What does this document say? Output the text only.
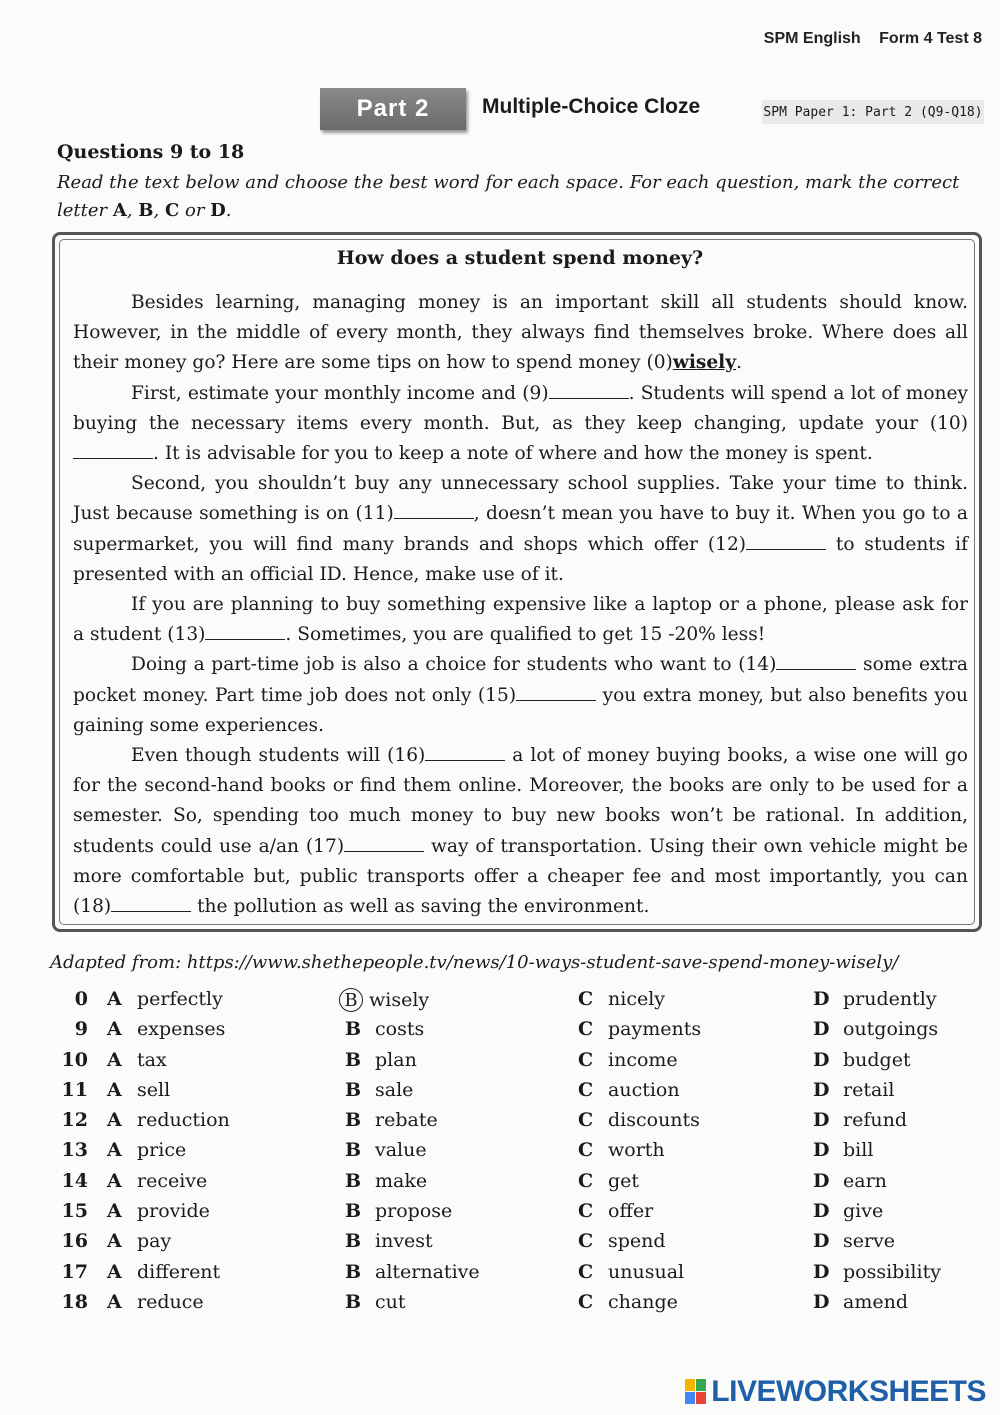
SPM English Form 4 Test 8
Part 2	Multiple-Choice Cloze	SPM Paper 1: Part 2 (Q9-Q18)
Questions 9 to 18
Read the text below and choose the best word for each space. For each question, mark the correct letter A, B, C or D.
How does a student spend money?

Besides learning, managing money is an important skill all students should know. However, in the middle of every month, they always find themselves broke. Where does all their money go? Here are some tips on how to spend money (0)wisely.

First, estimate your monthly income and (9)	. Students will spend a lot of money buying the necessary items every month. But, as they keep changing, update your (10) . It is advisable for you to keep a note of where and how the money is spent.

Second, you shouldn’t buy any unnecessary school supplies. Take your time to think. Just because something is on (11)	, doesn’t mean you have to buy it. When you go to a supermarket, you will find many brands and shops which offer (12)	to students if presented with an official ID. Hence, make use of it.

If you are planning to buy something expensive like a laptop or a phone, please ask for a student (13)	. Sometimes, you are qualified to get 15 -20% less!

Doing a part-time job is also a choice for students who want to (14)	some extra pocket money. Part time job does not only (15)	you extra money, but also benefits you gaining some experiences.

Even though students will (16)	a lot of money buying books, a wise one will go for the second-hand books or find them online. Moreover, the books are only to be used for a semester. So, spending too much money to buy new books won’t be rational. In addition, students could use a/an (17)	way of transportation. Using their own vehicle might be more comfortable but, public transports offer a cheaper fee and most importantly, you can (18)	the pollution as well as saving the environment.

Adapted from: https://www.shethepeople.tv/news/10-ways-student-save-spend-money-wisely/
0 A perfectly	B wisely	C nicely	D prudently
9 A expenses	B costs	C payments	D outgoings
10 A tax	B plan	C income	D budget
11 A sell	B sale	C auction	D retail
12 A reduction	B rebate	C discounts	D refund
13 A price	B value	C worth	D bill
14 A receive	B make	C get	D earn
15 A provide	B propose	C offer	D give
16 A pay	B invest	C spend	D serve
17 A different	B alternative	C unusual	D possibility
18 A reduce	B cut	C change	D amend
LIVEWORKSHEETS
